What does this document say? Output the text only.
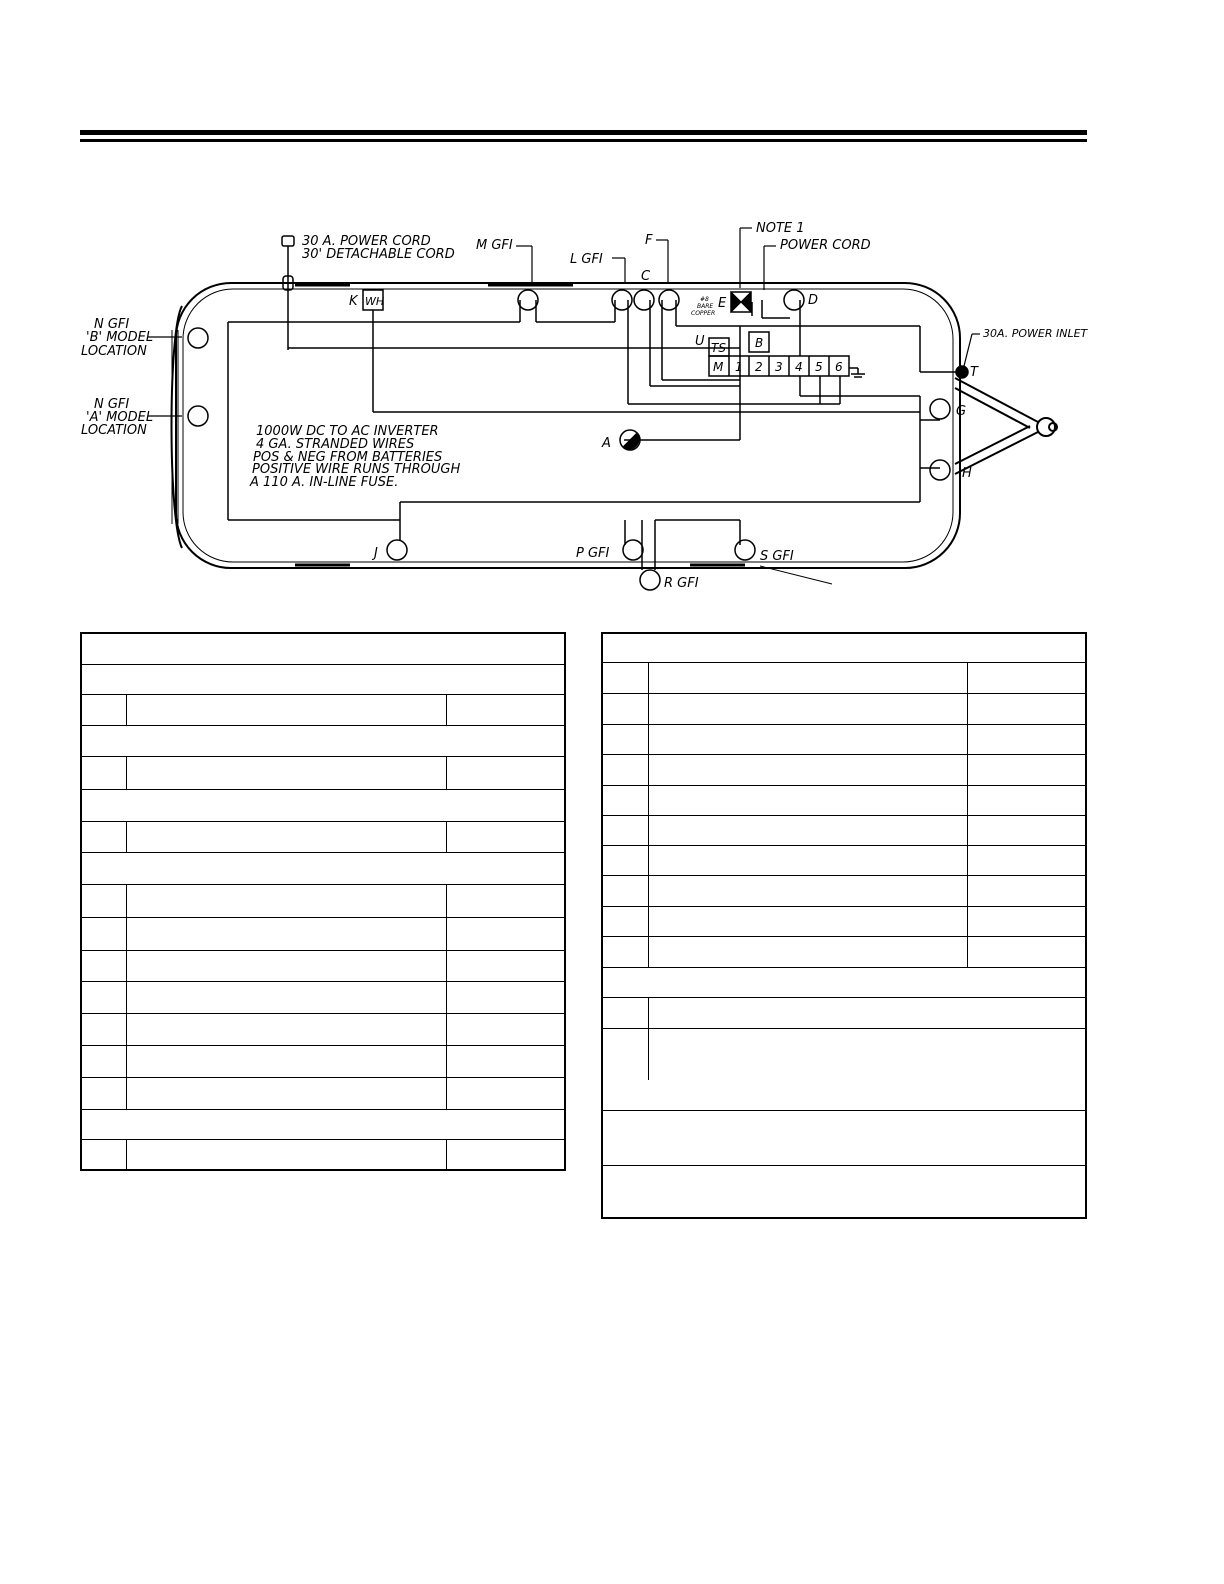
30 A. POWER CORD
30' DETACHABLE CORD
M GFI
L GFI
F
C
NOTE 1
POWER CORD
K WH	E
#8
BARE
COPPER
D
U TS B
M 1 2 3 4 5 6
30A. POWER INLET
T
G
H
A
J	P GFI
R GFI
S GFI
N GFI
'B' MODEL
LOCATION
N GFI
'A' MODEL
LOCATION	1000W DC TO AC INVERTER
4 GA. STRANDED WIRES
POS & NEG FROM BATTERIES
POSITIVE WIRE RUNS THROUGH
A 110 A. IN-LINE FUSE.
